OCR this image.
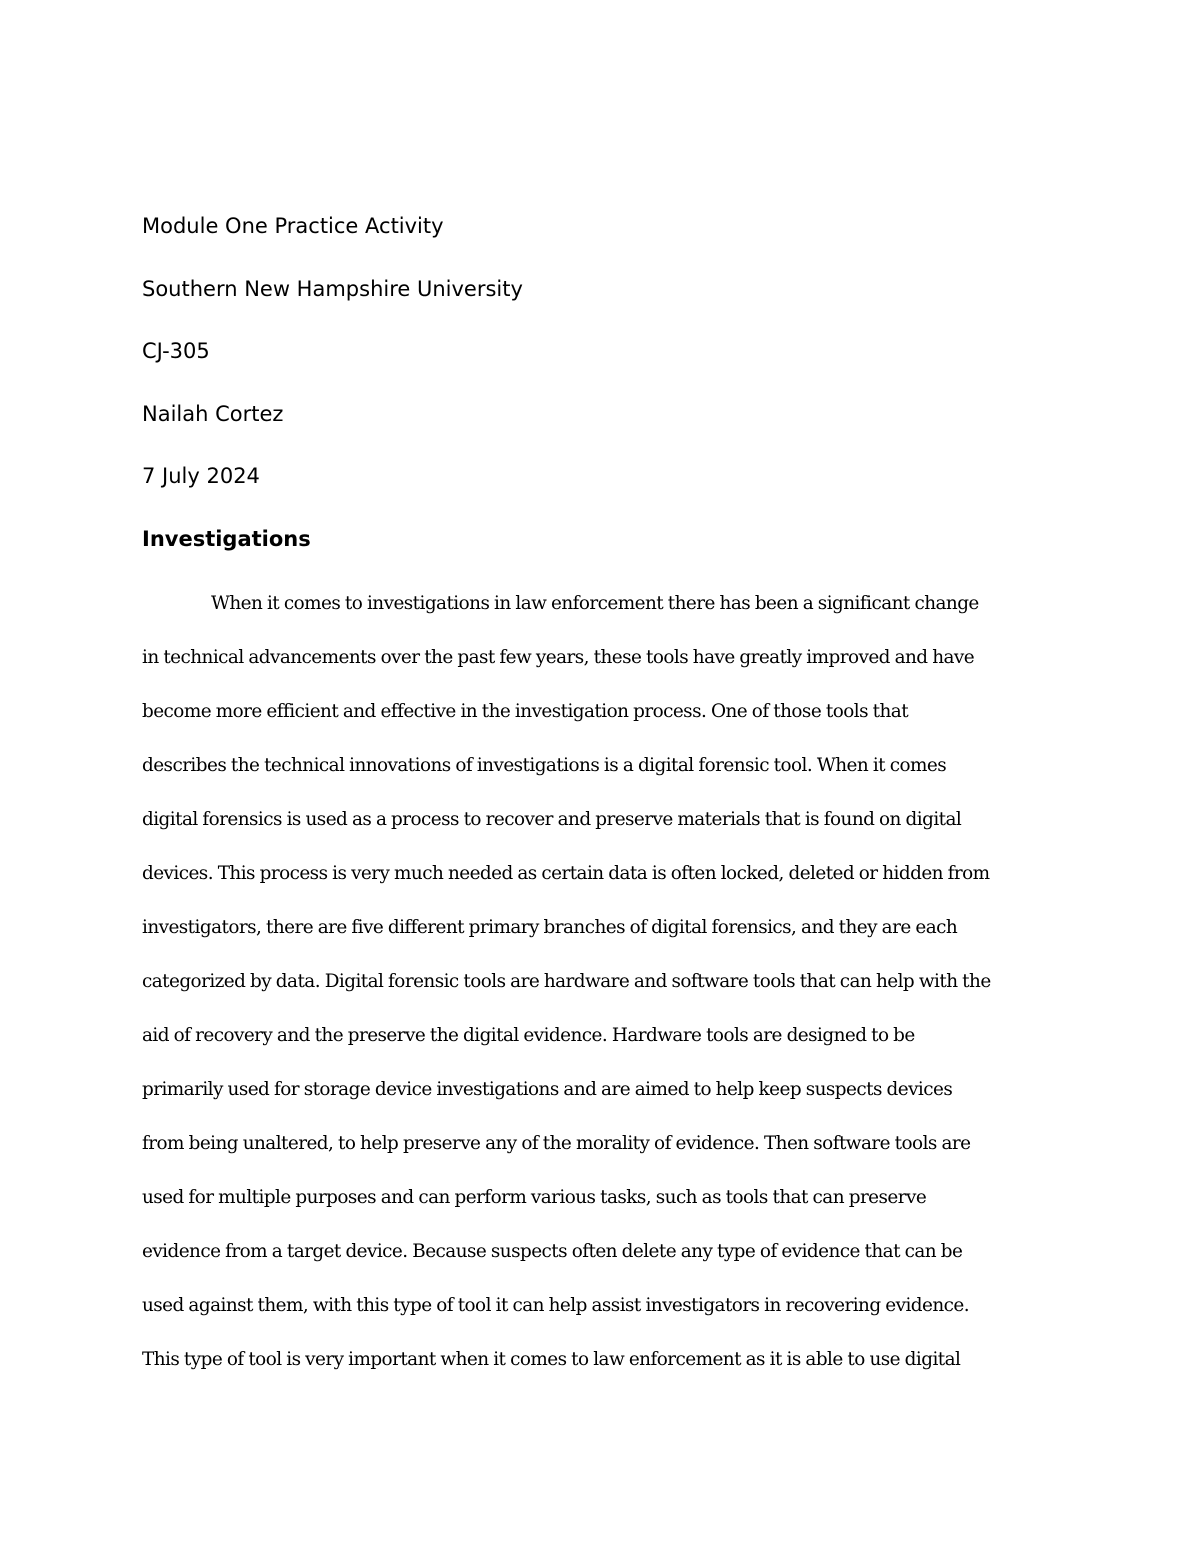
Module One Practice Activity
Southern New Hampshire University
CJ-305
Nailah Cortez
7 July 2024
Investigations
When it comes to investigations in law enforcement there has been a significant change
in technical advancements over the past few years, these tools have greatly improved and have
become more efficient and effective in the investigation process. One of those tools that
describes the technical innovations of investigations is a digital forensic tool. When it comes
digital forensics is used as a process to recover and preserve materials that is found on digital
devices. This process is very much needed as certain data is often locked, deleted or hidden from
investigators, there are five different primary branches of digital forensics, and they are each
categorized by data. Digital forensic tools are hardware and software tools that can help with the
aid of recovery and the preserve the digital evidence. Hardware tools are designed to be
primarily used for storage device investigations and are aimed to help keep suspects devices
from being unaltered, to help preserve any of the morality of evidence. Then software tools are
used for multiple purposes and can perform various tasks, such as tools that can preserve
evidence from a target device. Because suspects often delete any type of evidence that can be
used against them, with this type of tool it can help assist investigators in recovering evidence.
This type of tool is very important when it comes to law enforcement as it is able to use digital
